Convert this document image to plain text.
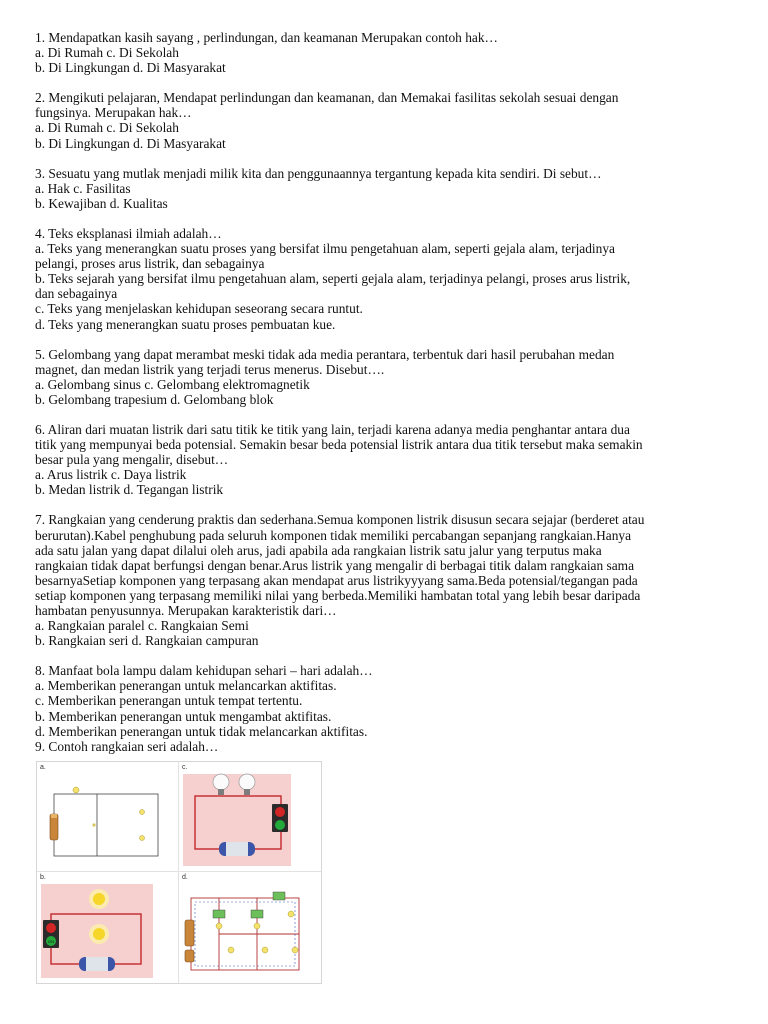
1. Mendapatkan kasih sayang , perlindungan, dan keamanan Merupakan contoh hak…

a. Di Rumah c. Di Sekolah

b. Di Lingkungan d. Di Masyarakat

2. Mengikuti pelajaran, Mendapat perlindungan dan keamanan, dan Memakai fasilitas sekolah sesuai dengan

fungsinya. Merupakan hak…

a. Di Rumah c. Di Sekolah

b. Di Lingkungan d. Di Masyarakat

3. Sesuatu yang mutlak menjadi milik kita dan penggunaannya tergantung kepada kita sendiri. Di sebut…

a. Hak c. Fasilitas

b. Kewajiban d. Kualitas

4. Teks eksplanasi ilmiah adalah…

a. Teks yang menerangkan suatu proses yang bersifat ilmu pengetahuan alam, seperti gejala alam, terjadinya

pelangi, proses arus listrik, dan sebagainya

b. Teks sejarah yang bersifat ilmu pengetahuan alam, seperti gejala alam, terjadinya pelangi, proses arus listrik,

dan sebagainya

c. Teks yang menjelaskan kehidupan seseorang secara runtut.

d. Teks yang menerangkan suatu proses pembuatan kue.

5. Gelombang yang dapat merambat meski tidak ada media perantara, terbentuk dari hasil perubahan medan

magnet, dan medan listrik yang terjadi terus menerus. Disebut….

a. Gelombang sinus c. Gelombang elektromagnetik

b. Gelombang trapesium d. Gelombang blok

6. Aliran dari muatan listrik dari satu titik ke titik yang lain, terjadi karena adanya media penghantar antara dua

titik yang mempunyai beda potensial. Semakin besar beda potensial listrik antara dua titik tersebut maka semakin

besar pula yang mengalir, disebut…

a. Arus listrik c. Daya listrik

b. Medan listrik d. Tegangan listrik

7. Rangkaian yang cenderung praktis dan sederhana.Semua komponen listrik disusun secara sejajar (berderet atau

berurutan).Kabel penghubung pada seluruh komponen tidak memiliki percabangan sepanjang rangkaian.Hanya

ada satu jalan yang dapat dilalui oleh arus, jadi apabila ada rangkaian listrik satu jalur yang terputus maka

rangkaian tidak dapat berfungsi dengan benar.Arus listrik yang mengalir di berbagai titik dalam rangkaian sama

besarnyaSetiap komponen yang terpasang akan mendapat arus listrikyyyang sama.Beda potensial/tegangan pada

setiap komponen yang terpasang memiliki nilai yang berbeda.Memiliki hambatan total yang lebih besar daripada

hambatan penyusunnya. Merupakan karakteristik dari…

a. Rangkaian paralel c. Rangkaian Semi

b. Rangkaian seri d. Rangkaian campuran

8. Manfaat bola lampu dalam kehidupan sehari – hari adalah…

a. Memberikan penerangan untuk melancarkan aktifitas.

c. Memberikan penerangan untuk tempat tertentu.

b. Memberikan penerangan untuk mengambat aktifitas.

d. Memberikan penerangan untuk tidak melancarkan aktifitas.

9. Contoh rangkaian seri adalah…

a.	c.
b.
ON
d.
